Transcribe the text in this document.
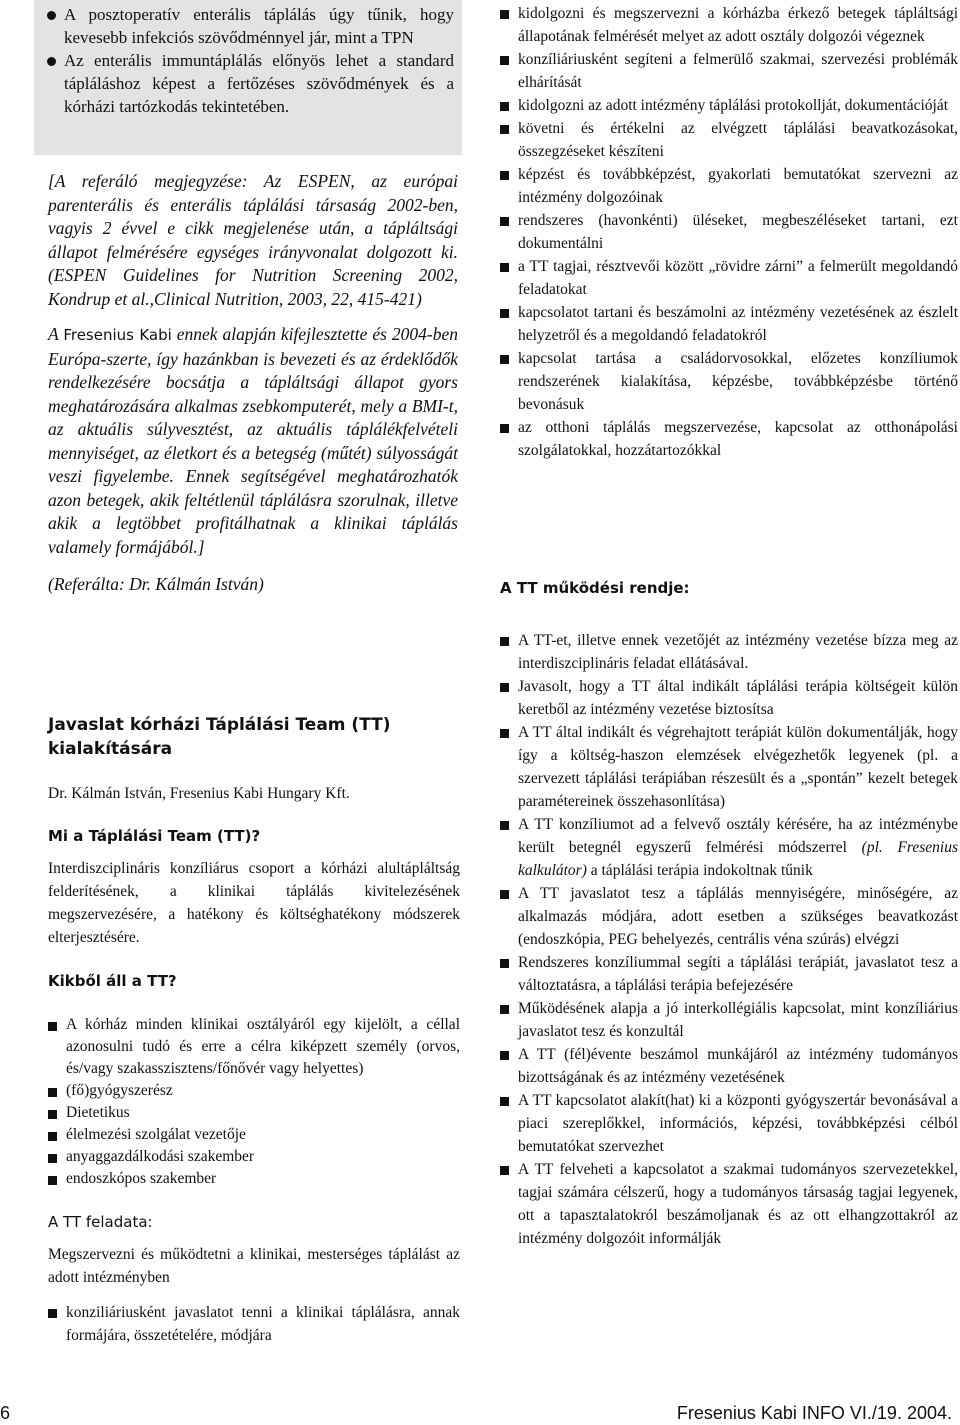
A posztoperatív enterális táplálás úgy tűnik, hogy kevesebb infekciós szövődménnyel jár, mint a TPN
Az enterális immuntáplálás előnyös lehet a standard tápláláshoz képest a fertőzéses szövődmények és a kórházi tartózkodás tekintetében.
[A referáló megjegyzése: Az ESPEN, az európai parenterális és enterális táplálási társaság 2002-ben, vagyis 2 évvel e cikk megjelenése után, a tápláltsági állapot felmérésére egységes irányvonalat dolgozott ki. (ESPEN Guidelines for Nutrition Screening 2002, Kondrup et al.,Clinical Nutrition, 2003, 22, 415-421)
A Fresenius Kabi ennek alapján kifejlesztette és 2004-ben Európa-szerte, így hazánkban is bevezeti és az érdeklődők rendelkezésére bocsátja a tápláltsági állapot gyors meghatározására alkalmas zsebkomputerét, mely a BMI-t, az aktuális súlyvesztést, az aktuális táplálékfelvételi mennyiséget, az életkort és a betegség (műtét) súlyosságát veszi figyelembe. Ennek segítségével meghatározhatók azon betegek, akik feltétlenül táplálásra szorulnak, illetve akik a legtöbbet profitálhatnak a klinikai táplálás valamely formájából.]
(Referálta: Dr. Kálmán István)
Javaslat kórházi Táplálási Team (TT) kialakítására
Dr. Kálmán István, Fresenius Kabi Hungary Kft.
Mi a Táplálási Team (TT)?
Interdiszciplináris konzíliárus csoport a kórházi alultápláltság felderítésének, a klinikai táplálás kivitelezésének megszervezésére, a hatékony és költséghatékony módszerek elterjesztésére.
Kikből áll a TT?
A kórház minden klinikai osztályáról egy kijelölt, a céllal azonosulni tudó és erre a célra kiképzett személy (orvos, és/vagy szakasszisztens/főnővér vagy helyettes)
(fő)gyógyszerész
Dietetikus
élelmezési szolgálat vezetője
anyaggazdálkodási szakember
endoszkópos szakember
A TT feladata:
Megszervezni és működtetni a klinikai, mesterséges táplálást az adott intézményben
konziliáriusként javaslatot tenni a klinikai táplálásra, annak formájára, összetételére, módjára
kidolgozni és megszervezni a kórházba érkező betegek tápláltsági állapotának felmérését melyet az adott osztály dolgozói végeznek
konzíliáriusként segíteni a felmerülő szakmai, szervezési problémák elhárítását
kidolgozni az adott intézmény táplálási protokollját, dokumentációját
követni és értékelni az elvégzett táplálási beavatkozásokat, összegzéseket készíteni
képzést és továbbképzést, gyakorlati bemutatókat szervezni az intézmény dolgozóinak
rendszeres (havonkénti) üléseket, megbeszéléseket tartani, ezt dokumentálni
a TT tagjai, résztvevői között „rövidre zárni” a felmerült megoldandó feladatokat
kapcsolatot tartani és beszámolni az intézmény vezetésének az észlelt helyzetről és a megoldandó feladatokról
kapcsolat tartása a családorvosokkal, előzetes konzíliumok rendszerének kialakítása, képzésbe, továbbképzésbe történő bevonásuk
az otthoni táplálás megszervezése, kapcsolat az otthonápolási szolgálatokkal, hozzátartozókkal
A TT működési rendje:
A TT-et, illetve ennek vezetőjét az intézmény vezetése bízza meg az interdiszciplináris feladat ellátásával.
Javasolt, hogy a TT által indikált táplálási terápia költségeit külön keretből az intézmény vezetése biztosítsa
A TT által indikált és végrehajtott terápiát külön dokumentálják, hogy így a költség-haszon elemzések elvégezhetők legyenek (pl. a szervezett táplálási terápiában részesült és a „spontán” kezelt betegek paramétereinek összehasonlítása)
A TT konzíliumot ad a felvevő osztály kérésére, ha az intézménybe került betegnél egyszerű felmérési módszerrel (pl. Fresenius kalkulátor) a táplálási terápia indokoltnak tűnik
A TT javaslatot tesz a táplálás mennyiségére, minőségére, az alkalmazás módjára, adott esetben a szükséges beavatkozást (endoszkópia, PEG behelyezés, centrális véna szúrás) elvégzi
Rendszeres konzíliummal segíti a táplálási terápiát, javaslatot tesz a változtatásra, a táplálási terápia befejezésére
Működésének alapja a jó interkollégiális kapcsolat, mint konzíliárius javaslatot tesz és konzultál
A TT (fél)évente beszámol munkájáról az intézmény tudományos bizottságának és az intézmény vezetésének
A TT kapcsolatot alakít(hat) ki a központi gyógyszertár bevonásával a piaci szereplőkkel, információs, képzési, továbbképzési célból bemutatókat szervezhet
A TT felveheti a kapcsolatot a szakmai tudományos szervezetekkel, tagjai számára célszerű, hogy a tudományos társaság tagjai legyenek, ott a tapasztalatokról beszámoljanak és az ott elhangzottakról az intézmény dolgozóit informálják
6	Fresenius Kabi INFO VI./19. 2004.
